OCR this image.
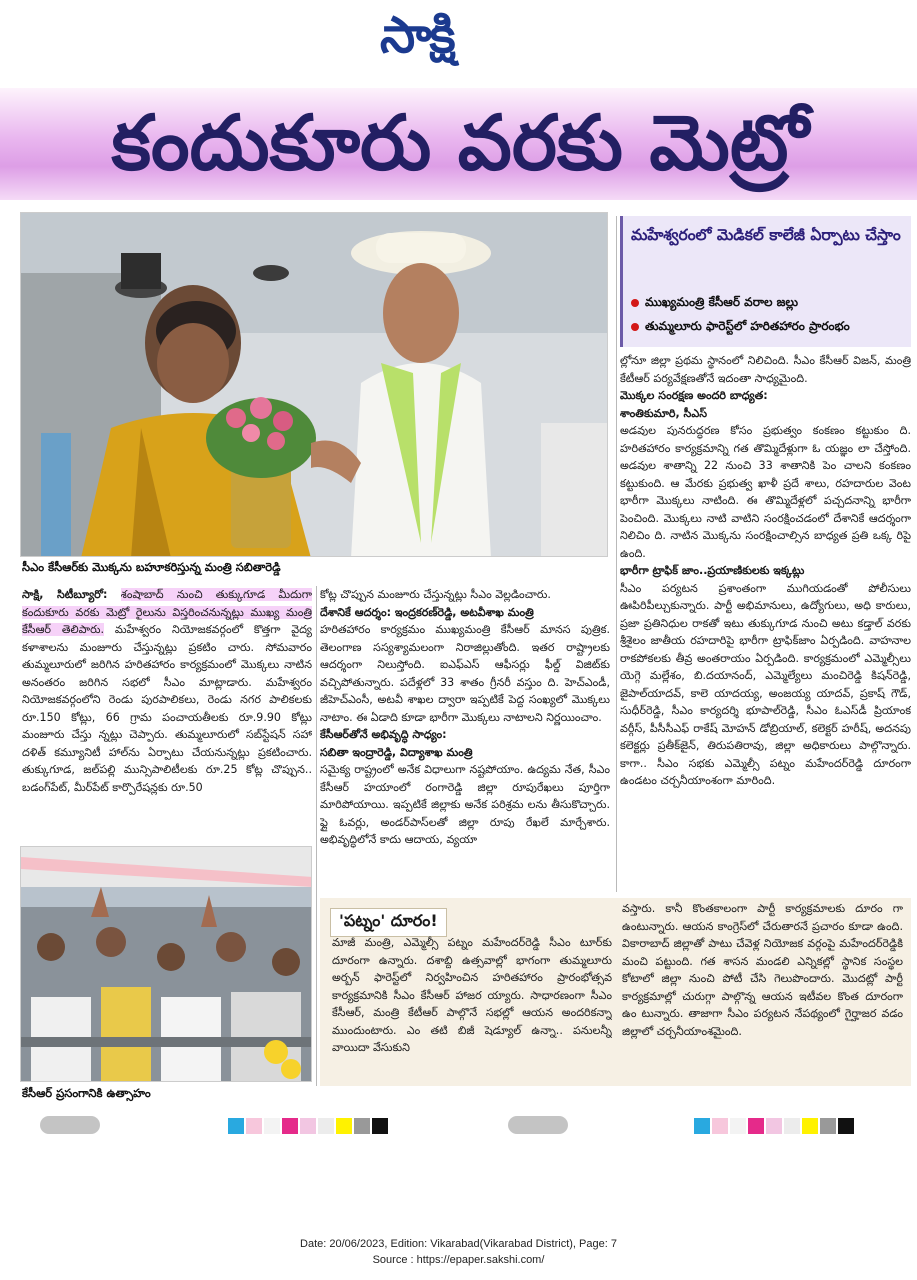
సాక్షి
కందుకూరు వరకు మెట్రో
సీఎం కేసీఆర్‌కు మొక్కను బహూకరిస్తున్న మంత్రి సబితారెడ్డి
కేసీఆర్ ప్రసంగానికి ఉత్సాహం
మహేశ్వరంలో మెడికల్ కాలేజీ ఏర్పాటు చేస్తాం
ముఖ్యమంత్రి కేసీఆర్ వరాల జల్లు
తుమ్మలూరు ఫారెస్ట్‌లో హరితహారం ప్రారంభం

సాక్షి, సిటీబ్యూరో: శంషాబాద్ నుంచి తుక్కుగూడ మీదుగా కందుకూరు వరకు మెట్రో రైలును విస్తరించనున్నట్లు ముఖ్య మంత్రి కేసీఆర్ తెలిపారు. మహేశ్వరం నియోజకవర్గంలో కొత్తగా వైద్య కళాశాలను మంజూరు చేస్తున్నట్లు ప్రకటిం చారు. సోమవారం తుమ్మలూరులో జరిగిన హరితహారం కార్యక్రమంలో మొక్కలు నాటిన అనంతరం జరిగిన సభలో సీఎం మాట్లాడారు. మహేశ్వరం నియోజకవర్గంలోని రెండు పురపాలికలు, రెండు నగర పాలికలకు రూ.150 కోట్లు, 66 గ్రామ పంచాయతీలకు రూ.9.90 కోట్లు మంజూరు చేస్తు న్నట్లు చెప్పారు. తుమ్మలూరులో సబ్‌స్టేషన్ సహా దళిత్ కమ్యూనిటీ హాల్‌ను ఏర్పాటు చేయనున్నట్లు ప్రకటించారు. తుక్కుగూడ, జల్‌పల్లి మున్సిపాలిటీలకు రూ.25 కోట్ల చొప్పున.. బడంగ్‌పేట్, మీర్‌పేట్ కార్పొరేషన్లకు రూ.50

కోట్ల చొప్పున మంజూరు చేస్తున్నట్లు సీఎం వెల్లడించారు.

దేశానికే ఆదర్శం: ఇంద్రకరణ్‌రెడ్డి, అటవీశాఖ మంత్రి

హరితహారం కార్యక్రమం ముఖ్యమంత్రి కేసీఆర్ మానస పుత్రిక. తెలంగాణ సస్యశ్యామలంగా నిరాజిల్లుతోంది. ఇతర రాష్ట్రాలకు ఆదర్శంగా నిలుస్తోంది. ఐఎఫ్ఎస్ ఆఫీసర్లు ఫీల్డ్ విజిట్‌కు వచ్చిపోతున్నారు. పదేళ్లలో 33 శాతం గ్రీనరీ వస్తుం ది. హెచ్ఎండీ, జీహెచ్ఎంసీ, అటవీ శాఖల ద్వారా ఇప్పటికే పెద్ద సంఖ్యలో మొక్కలు నాటాం. ఈ ఏడాది కూడా భారీగా మొక్కలు నాటాలని నిర్ణయించాం.

కేసీఆర్‌తోనే అభివృద్ధి సాధ్యం:

సబితా ఇంద్రారెడ్డి, విద్యాశాఖ మంత్రి

సమైక్య రాష్ట్రంలో అనేక విధాలుగా నష్టపోయాం. ఉద్యమ నేత, సీఎం కేసీఆర్ హయాంలో రంగారెడ్డి జిల్లా రూపురేఖలు పూర్తిగా మారిపోయాయి. ఇప్పటికే జిల్లాకు అనేక పరిశ్రమ లను తీసుకొచ్చారు. ఫ్లై ఓవర్లు, అండర్‌పాస్‌లతో జిల్లా రూపు రేఖలే మార్చేశారు. అభివృద్ధిలోనే కాదు ఆదాయ, వ్యయా

ల్లోనూ జిల్లా ప్రథమ స్థానంలో నిలిచింది. సీఎం కేసీఆర్ విజన్, మంత్రి కేటీఆర్ పర్యవేక్షణతోనే ఇదంతా సాధ్యమైంది.

మొక్కల సంరక్షణ అందరి బాధ్యత:

శాంతికుమారి, సీఎస్

అడవుల పునరుద్ధరణ కోసం ప్రభుత్వం కంకణం కట్టుకుం ది. హరితహారం కార్యక్రమాన్ని గత తొమ్మిదేళ్లుగా ఓ యజ్ఞం లా చేస్తోంది. అడవుల శాతాన్ని 22 నుంచి 33 శాతానికి పెం చాలని కంకణం కట్టుకుంది. ఆ మేరకు ప్రభుత్వ ఖాళీ ప్రదే శాలు, రహదారుల వెంట భారీగా మొక్కలు నాటింది. ఈ తొమ్మిదేళ్లలో పచ్చదనాన్ని భారీగా పెంచింది. మొక్కలు నాటి వాటిని సంరక్షించడంలో దేశానికే ఆదర్శంగా నిలిచిం ది. నాటిన మొక్కను సంరక్షించాల్సిన బాధ్యత ప్రతి ఒక్క రిపై ఉంది.

భారీగా ట్రాఫిక్ జాం..ప్రయాణికులకు ఇక్కట్లు

సీఎం పర్యటన ప్రశాంతంగా ముగియడంతో పోలీసులు ఊపిరిపీల్చుకున్నారు. పార్టీ అభిమానులు, ఉద్యోగులు, అధి కారులు, ప్రజా ప్రతినిధుల రాకతో ఇటు తుక్కుగూడ నుంచి అటు కడ్తాల్ వరకు శ్రీశైలం జాతీయ రహదారిపై భారీగా ట్రాఫిక్‌జాం ఏర్పడింది. వాహనాల రాకపోకలకు తీవ్ర అంతరాయం ఏర్పడింది. కార్యక్రమంలో ఎమ్మెల్సీలు యెగ్గె మల్లేశం, బి.దయానంద్, ఎమ్మెల్యేలు మంచిరెడ్డి కిషన్‌రెడ్డి, జైపాల్‌యాదవ్, కాలె యాదయ్య, అంజయ్య యాదవ్, ప్రకాష్ గౌడ్, సుధీర్‌రెడ్డి, సీఎం కార్యదర్శి భూపాల్‌రెడ్డి, సీఎం ఓఎస్‌డీ ప్రియాంక వర్గీస్, పీసీసీఎఫ్ రాకేష్ మోహన్ డోబ్రియాల్, కలెక్టర్ హరీష్, అదనపు కలెక్టర్లు ప్రతీక్‌జైన్, తిరుపతిరావు, జిల్లా అధికారులు పాల్గొన్నారు. కాగా.. సీఎం సభకు ఎమ్మెల్సీ పట్నం మహేందర్‌రెడ్డి దూరంగా ఉండటం చర్చనీయాంశంగా మారింది.

'పట్నం' దూరం!

మాజీ మంత్రి, ఎమ్మెల్సీ పట్నం మహేందర్‌రెడ్డి సీఎం టూర్‌కు దూరంగా ఉన్నారు. దశాబ్ది ఉత్సవాల్లో భాగంగా తుమ్మలూరు అర్బన్ ఫారెస్ట్‌లో నిర్వహించిన హరితహారం ప్రారంభోత్సవ కార్యక్రమానికి సీఎం కేసీఆర్ హాజర య్యారు. సాధారణంగా సీఎం కేసీఆర్, మంత్రి కేటీఆర్ పాల్గొనే సభల్లో ఆయన అందరికన్నా ముందుంటారు. ఎం తటి బిజీ షెడ్యూల్ ఉన్నా.. పనులన్నీ వాయిదా వేసుకుని

వస్తారు. కానీ కొంతకాలంగా పార్టీ కార్యక్రమాలకు దూరం గా ఉంటున్నారు. ఆయన కాంగ్రెస్‌లో చేరుతారనే ప్రచారం కూడా ఉంది. వికారాబాద్ జిల్లాతో పాటు చేవెళ్ల నియోజక వర్గంపై మహేందర్‌రెడ్డికి మంచి పట్టుంది. గత శాసన మండలి ఎన్నికల్లో స్థానిక సంస్థల కోటాలో జిల్లా నుంచి పోటీ చేసి గెలుపొందారు. మొదట్లో పార్టీ కార్యక్రమాల్లో చురుగ్గా పాల్గొన్న ఆయన ఇటీవల కొంత దూరంగా ఉం టున్నారు. తాజాగా సీఎం పర్యటన నేపథ్యంలో గైర్హాజర వడం జిల్లాలో చర్చనీయాంశమైంది.

Date: 20/06/2023, Edition: Vikarabad(Vikarabad District), Page: 7
Source : https://epaper.sakshi.com/
